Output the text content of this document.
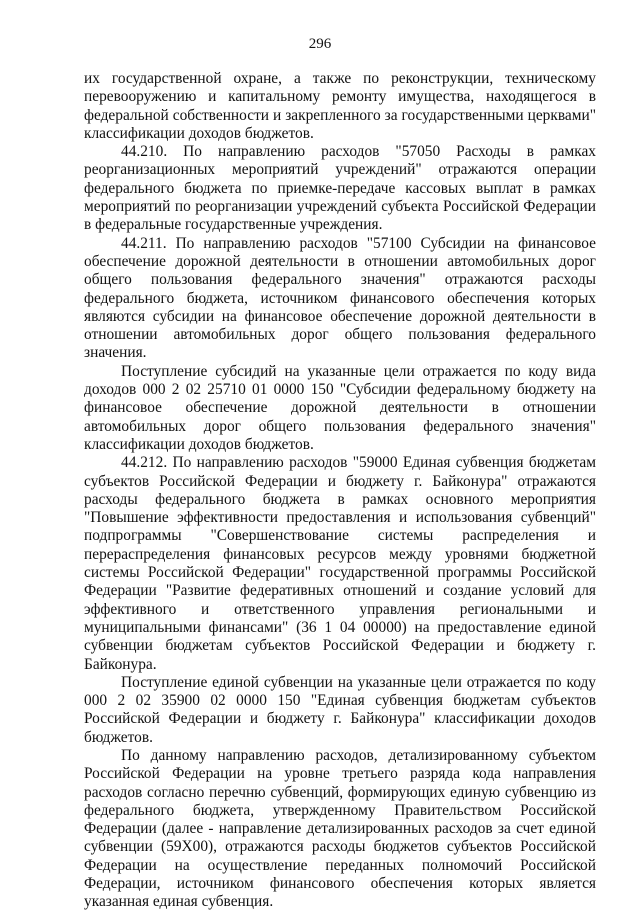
296

их государственной охране, а также по реконструкции, техническому перевооружению и капитальному ремонту имущества, находящегося в федеральной собственности и закрепленного за государственными церквами" классификации доходов бюджетов.

44.210. По направлению расходов "57050 Расходы в рамках реорганизационных мероприятий учреждений" отражаются операции федерального бюджета по приемке-передаче кассовых выплат в рамках мероприятий по реорганизации учреждений субъекта Российской Федерации в федеральные государственные учреждения.

44.211. По направлению расходов "57100 Субсидии на финансовое обеспечение дорожной деятельности в отношении автомобильных дорог общего пользования федерального значения" отражаются расходы федерального бюджета, источником финансового обеспечения которых являются субсидии на финансовое обеспечение дорожной деятельности в отношении автомобильных дорог общего пользования федерального значения.

Поступление субсидий на указанные цели отражается по коду вида доходов 000 2 02 25710 01 0000 150 "Субсидии федеральному бюджету на финансовое обеспечение дорожной деятельности в отношении автомобильных дорог общего пользования федерального значения" классификации доходов бюджетов.

44.212. По направлению расходов "59000 Единая субвенция бюджетам субъектов Российской Федерации и бюджету г. Байконура" отражаются расходы федерального бюджета в рамках основного мероприятия "Повышение эффективности предоставления и использования субвенций" подпрограммы "Совершенствование системы распределения и перераспределения финансовых ресурсов между уровнями бюджетной системы Российской Федерации" государственной программы Российской Федерации "Развитие федеративных отношений и создание условий для эффективного и ответственного управления региональными и муниципальными финансами" (36 1 04 00000) на предоставление единой субвенции бюджетам субъектов Российской Федерации и бюджету г. Байконура.

Поступление единой субвенции на указанные цели отражается по коду 000 2 02 35900 02 0000 150 "Единая субвенция бюджетам субъектов Российской Федерации и бюджету г. Байконура" классификации доходов бюджетов.

По данному направлению расходов, детализированному субъектом Российской Федерации на уровне третьего разряда кода направления расходов согласно перечню субвенций, формирующих единую субвенцию из федерального бюджета, утвержденному Правительством Российской Федерации (далее - направление детализированных расходов за счет единой субвенции (59Х00), отражаются расходы бюджетов субъектов Российской Федерации на осуществление переданных полномочий Российской Федерации, источником финансового обеспечения которых является указанная единая субвенция.
